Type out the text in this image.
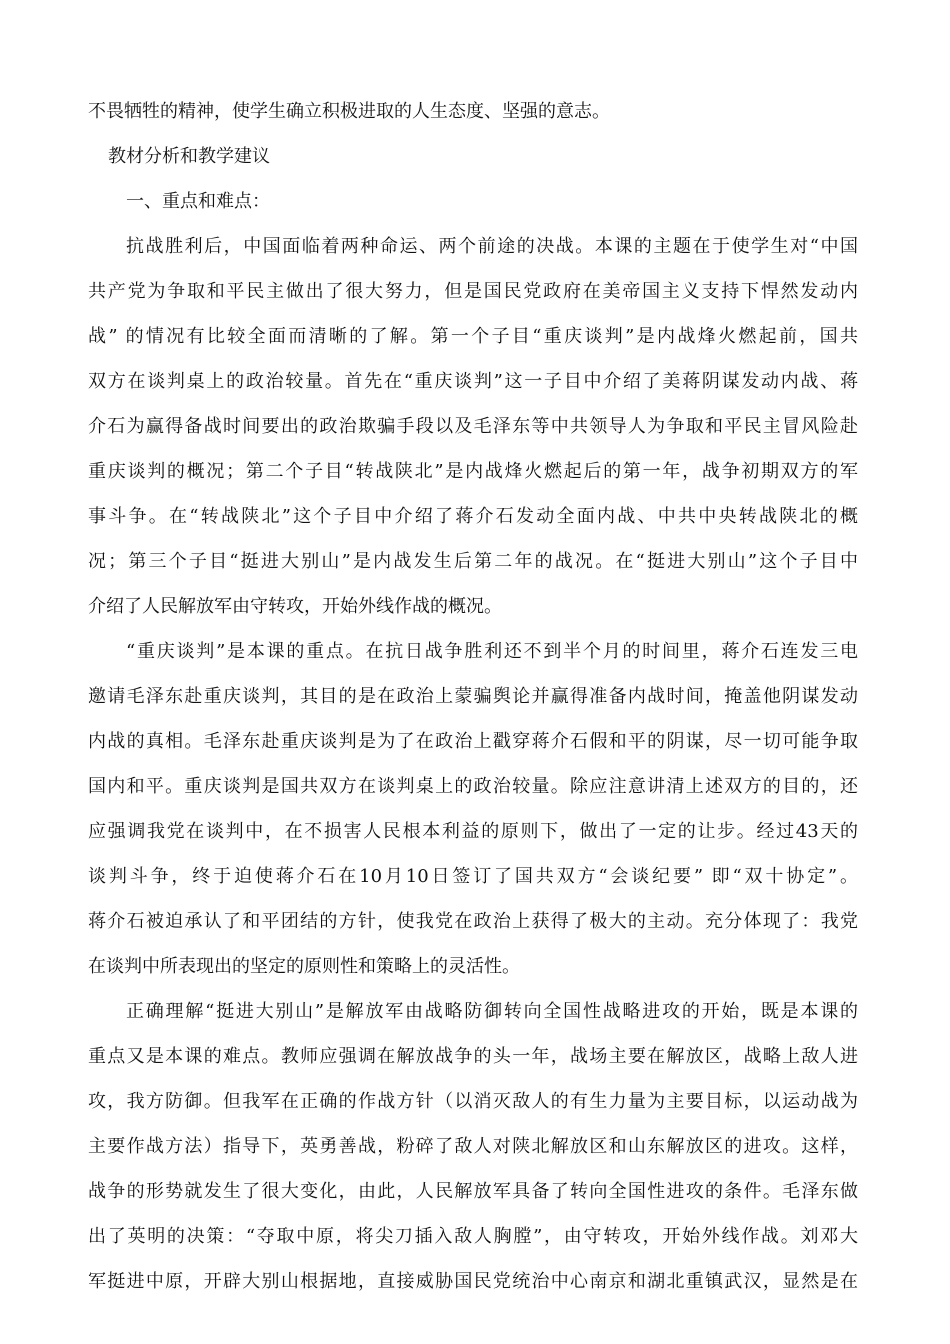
不畏牺牲的精神，使学生确立积极进取的人生态度、坚强的意志。
教材分析和教学建议
一、重点和难点：
抗战胜利后，中国面临着两种命运、两个前途的决战。本课的主题在于使学生对“中国
共产党为争取和平民主做出了很大努力，但是国民党政府在美帝国主义支持下悍然发动内
战” 的情况有比较全面而清晰的了解。第一个子目“重庆谈判”是内战烽火燃起前，国共
双方在谈判桌上的政治较量。首先在“重庆谈判”这一子目中介绍了美蒋阴谋发动内战、蒋
介石为赢得备战时间要出的政治欺骗手段以及毛泽东等中共领导人为争取和平民主冒风险赴
重庆谈判的概况；第二个子目“转战陕北”是内战烽火燃起后的第一年，战争初期双方的军
事斗争。在“转战陕北”这个子目中介绍了蒋介石发动全面内战、中共中央转战陕北的概
况；第三个子目“挺进大别山”是内战发生后第二年的战况。在“挺进大别山”这个子目中
介绍了人民解放军由守转攻，开始外线作战的概况。
“重庆谈判”是本课的重点。在抗日战争胜利还不到半个月的时间里，蒋介石连发三电
邀请毛泽东赴重庆谈判，其目的是在政治上蒙骗舆论并赢得准备内战时间，掩盖他阴谋发动
内战的真相。毛泽东赴重庆谈判是为了在政治上戳穿蒋介石假和平的阴谋，尽一切可能争取
国内和平。重庆谈判是国共双方在谈判桌上的政治较量。除应注意讲清上述双方的目的，还
应强调我党在谈判中，在不损害人民根本利益的原则下，做出了一定的让步。经过43天的
谈判斗争，终于迫使蒋介石在10月10日签订了国共双方“会谈纪要” 即“双十协定”。
蒋介石被迫承认了和平团结的方针，使我党在政治上获得了极大的主动。充分体现了：我党
在谈判中所表现出的坚定的原则性和策略上的灵活性。
正确理解“挺进大别山”是解放军由战略防御转向全国性战略进攻的开始，既是本课的
重点又是本课的难点。教师应强调在解放战争的头一年，战场主要在解放区，战略上敌人进
攻，我方防御。但我军在正确的作战方针（以消灭敌人的有生力量为主要目标，以运动战为
主要作战方法）指导下，英勇善战，粉碎了敌人对陕北解放区和山东解放区的进攻。这样，
战争的形势就发生了很大变化，由此，人民解放军具备了转向全国性进攻的条件。毛泽东做
出了英明的决策：“夺取中原，将尖刀插入敌人胸膛”，由守转攻，开始外线作战。刘邓大
军挺进中原，开辟大别山根据地，直接威胁国民党统治中心南京和湖北重镇武汉，显然是在
